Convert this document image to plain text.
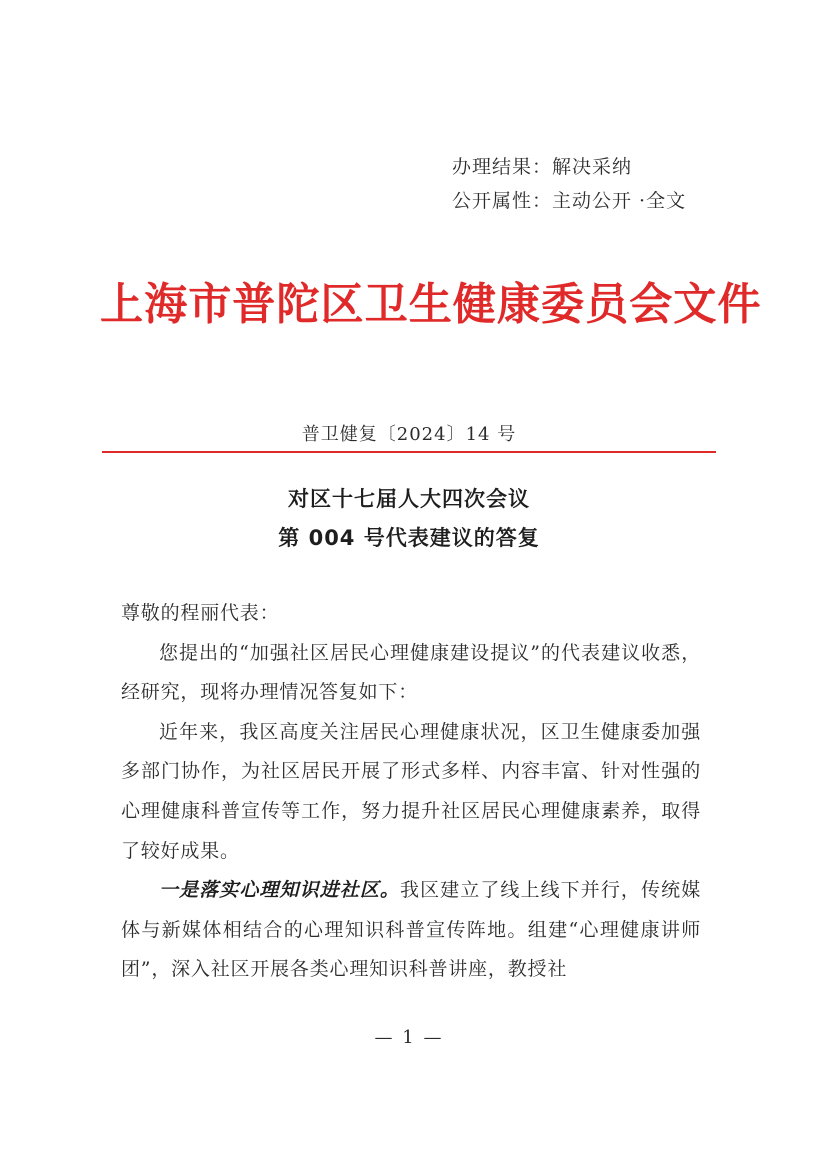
办理结果：解决采纳
公开属性：主动公开 ·全文
上海市普陀区卫生健康委员会文件
普卫健复〔2024〕14 号
对区十七届人大四次会议
第 004 号代表建议的答复

尊敬的程丽代表：

您提出的“加强社区居民心理健康建设提议”的代表建议收悉，经研究，现将办理情况答复如下：

近年来，我区高度关注居民心理健康状况，区卫生健康委加强多部门协作，为社区居民开展了形式多样、内容丰富、针对性强的心理健康科普宣传等工作，努力提升社区居民心理健康素养，取得了较好成果。

一是落实心理知识进社区。我区建立了线上线下并行，传统媒体与新媒体相结合的心理知识科普宣传阵地。组建“心理健康讲师团”，深入社区开展各类心理知识科普讲座，教授社

— 1 —
